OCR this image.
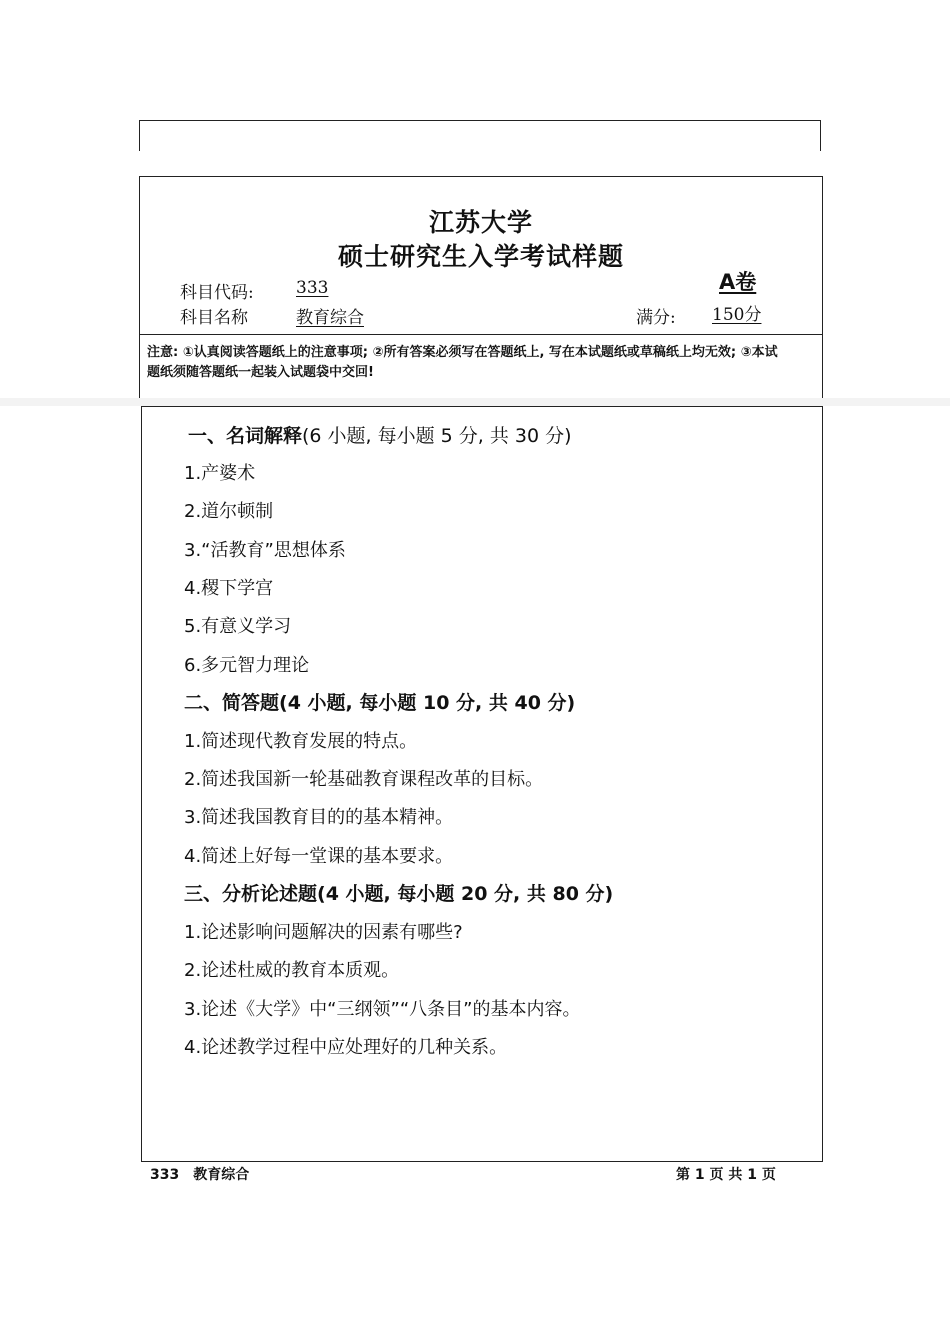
江苏大学
硕士研究生入学考试样题
A卷
科目代码: 333
科目名称	教育综合	满分: 150分
注意: ①认真阅读答题纸上的注意事项; ②所有答案必须写在答题纸上, 写在本试题纸或草稿纸上均无效; ③本试题纸须随答题纸一起装入试题袋中交回!
一、名词解释(6 小题, 每小题 5 分, 共 30 分)
1.产婆术
2.道尔顿制
3.“活教育”思想体系
4.稷下学宫
5.有意义学习
6.多元智力理论
二、简答题(4 小题, 每小题 10 分, 共 40 分)
1.简述现代教育发展的特点。
2.简述我国新一轮基础教育课程改革的目标。
3.简述我国教育目的的基本精神。
4.简述上好每一堂课的基本要求。
三、分析论述题(4 小题, 每小题 20 分, 共 80 分)
1.论述影响问题解决的因素有哪些?
2.论述杜威的教育本质观。
3.论述《大学》中“三纲领”“八条目”的基本内容。
4.论述教学过程中应处理好的几种关系。
333 教育综合	第 1 页 共 1 页
